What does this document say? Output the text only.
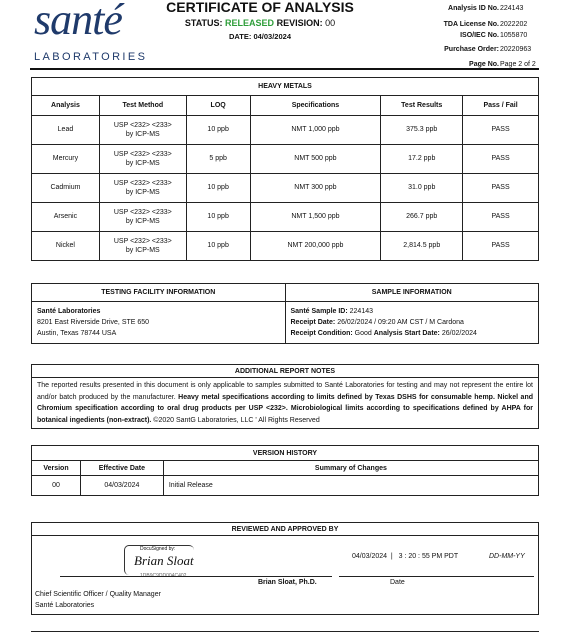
santé
LABORATORIES
CERTIFICATE OF ANALYSIS
STATUS: RELEASED REVISION: 00
DATE: 04/03/2024
Analysis ID No. 224143
TDA License No. 2022202
ISO/IEC No. 1055870
Purchase Order: 20220963
Page No. Page 2 of 2
HEAVY METALS					
Analysis	Test Method	LOQ	Specifications	Test Results	Pass / Fail
Lead	USP <232> <233>
by ICP-MS	10 ppb	NMT 1,000 ppb	375.3 ppb	PASS
Mercury	USP <232> <233>
by ICP-MS	5 ppb	NMT 500 ppb	17.2 ppb	PASS
Cadmium	USP <232> <233>
by ICP-MS	10 ppb	NMT 300 ppb	31.0 ppb	PASS
Arsenic	USP <232> <233>
by ICP-MS	10 ppb	NMT 1,500 ppb	266.7 ppb	PASS
Nickel	USP <232> <233>
by ICP-MS	10 ppb	NMT 200,000 ppb	2,814.5 ppb	PASS
TESTING FACILITY INFORMATION	SAMPLE INFORMATION
Santé Laboratories
8201 East Riverside Drive, STE 650
Austin, Texas 78744 USA	Santé Sample ID: 224143
Receipt Date: 26/02/2024 / 09:20 AM CST / M Cardona
Receipt Condition: Good Analysis Start Date: 26/02/2024
ADDITIONAL REPORT NOTES
The reported results presented in this document is only applicable to samples submitted to Santé Laboratories for testing and may not represent the entire lot and/or batch produced by the manufacturer. Heavy metal specifications according to limits defined by Texas DSHS for consumable hemp. Nickel and Chromium specification according to oral drug products per USP <232>. Microbiological limits according to specifications defined by AHPA for botanical ingedients (non-extract). ©2020 SantG Laboratories, LLC ' All Rights Reserved
VERSION HISTORY		
Version	Effective Date	Summary of Changes
00	04/03/2024	Initial Release
REVIEWED AND APPROVED BY
DocuSigned by:
Brian Sloat
Brian Sloat, Ph.D.
Chief Scientific Officer / Quality Manager
Santé Laboratories
04/03/2024  |   3 : 20 : 55 PM PDT	DD-MM-YY
Date
